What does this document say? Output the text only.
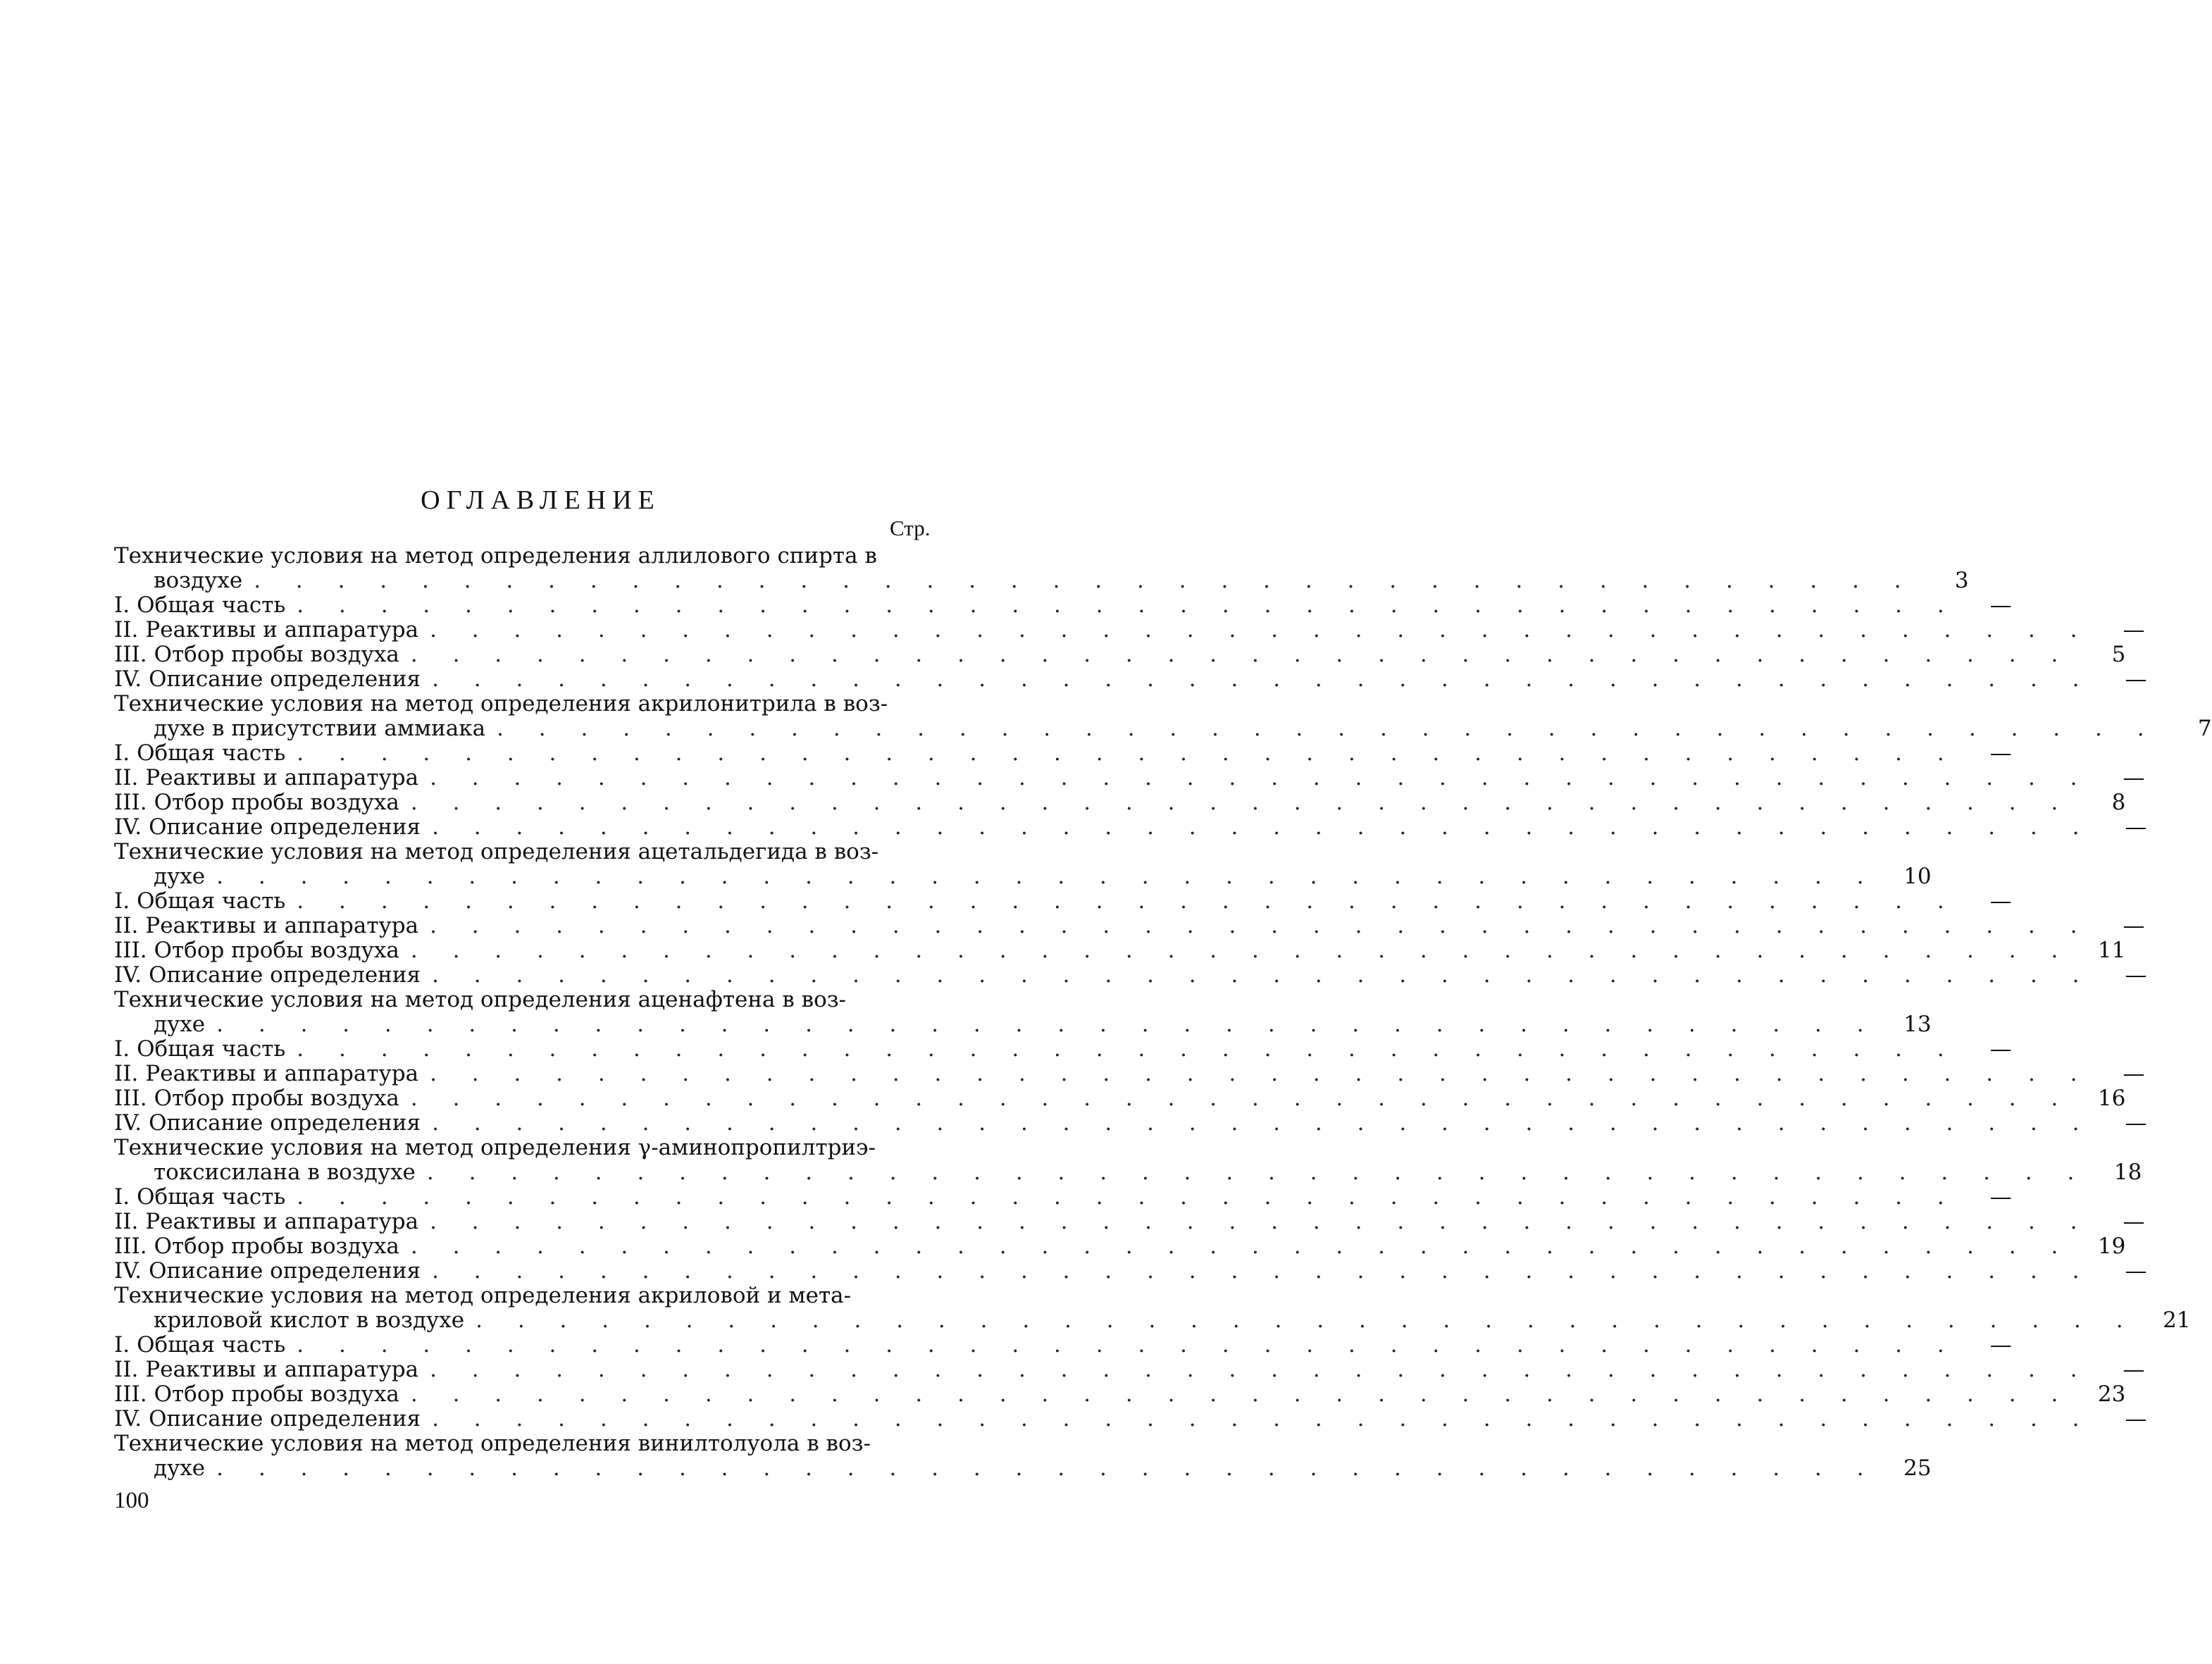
ОГЛАВЛЕНИЕ
Стр.
Технические условия на метод определения аллилового спирта в
воздухе . . . . . . . . . . . . . . . . . . . . . . . . . . . . . . . . . . . . . . . .	3
I. Общая часть . . . . . . . . . . . . . . . . . . . . . . . . . . . . . . . . . . . . . . . .	—
II. Реактивы и аппаратура . . . . . . . . . . . . . . . . . . . . . . . . . . . . . . . . . . . . . . . .	—
III. Отбор пробы воздуха . . . . . . . . . . . . . . . . . . . . . . . . . . . . . . . . . . . . . . . .	5
IV. Описание определения . . . . . . . . . . . . . . . . . . . . . . . . . . . . . . . . . . . . . . . .	—
Технические условия на метод определения акрилонитрила в воз-
духе в присутствии аммиака . . . . . . . . . . . . . . . . . . . . . . . . . . . . . . . . . . . . . . . .	7
I. Общая часть . . . . . . . . . . . . . . . . . . . . . . . . . . . . . . . . . . . . . . . .	—
II. Реактивы и аппаратура . . . . . . . . . . . . . . . . . . . . . . . . . . . . . . . . . . . . . . . .	—
III. Отбор пробы воздуха . . . . . . . . . . . . . . . . . . . . . . . . . . . . . . . . . . . . . . . .	8
IV. Описание определения . . . . . . . . . . . . . . . . . . . . . . . . . . . . . . . . . . . . . . . .	—
Технические условия на метод определения ацетальдегида в воз-
духе . . . . . . . . . . . . . . . . . . . . . . . . . . . . . . . . . . . . . . . .	10
I. Общая часть . . . . . . . . . . . . . . . . . . . . . . . . . . . . . . . . . . . . . . . .	—
II. Реактивы и аппаратура . . . . . . . . . . . . . . . . . . . . . . . . . . . . . . . . . . . . . . . .	—
III. Отбор пробы воздуха . . . . . . . . . . . . . . . . . . . . . . . . . . . . . . . . . . . . . . . .	11
IV. Описание определения . . . . . . . . . . . . . . . . . . . . . . . . . . . . . . . . . . . . . . . .	—
Технические условия на метод определения аценафтена в воз-
духе . . . . . . . . . . . . . . . . . . . . . . . . . . . . . . . . . . . . . . . .	13
I. Общая часть . . . . . . . . . . . . . . . . . . . . . . . . . . . . . . . . . . . . . . . .	—
II. Реактивы и аппаратура . . . . . . . . . . . . . . . . . . . . . . . . . . . . . . . . . . . . . . . .	—
III. Отбор пробы воздуха . . . . . . . . . . . . . . . . . . . . . . . . . . . . . . . . . . . . . . . .	16
IV. Описание определения . . . . . . . . . . . . . . . . . . . . . . . . . . . . . . . . . . . . . . . .	—
Технические условия на метод определения γ-аминопропилтриэ-
токсисилана в воздухе . . . . . . . . . . . . . . . . . . . . . . . . . . . . . . . . . . . . . . . .	18
I. Общая часть . . . . . . . . . . . . . . . . . . . . . . . . . . . . . . . . . . . . . . . .	—
II. Реактивы и аппаратура . . . . . . . . . . . . . . . . . . . . . . . . . . . . . . . . . . . . . . . .	—
III. Отбор пробы воздуха . . . . . . . . . . . . . . . . . . . . . . . . . . . . . . . . . . . . . . . .	19
IV. Описание определения . . . . . . . . . . . . . . . . . . . . . . . . . . . . . . . . . . . . . . . .	—
Технические условия на метод определения акриловой и мета-
криловой кислот в воздухе . . . . . . . . . . . . . . . . . . . . . . . . . . . . . . . . . . . . . . . .	21
I. Общая часть . . . . . . . . . . . . . . . . . . . . . . . . . . . . . . . . . . . . . . . .	—
II. Реактивы и аппаратура . . . . . . . . . . . . . . . . . . . . . . . . . . . . . . . . . . . . . . . .	—
III. Отбор пробы воздуха . . . . . . . . . . . . . . . . . . . . . . . . . . . . . . . . . . . . . . . .	23
IV. Описание определения . . . . . . . . . . . . . . . . . . . . . . . . . . . . . . . . . . . . . . . .	—
Технические условия на метод определения винилтолуола в воз-
духе . . . . . . . . . . . . . . . . . . . . . . . . . . . . . . . . . . . . . . . .	25
100
